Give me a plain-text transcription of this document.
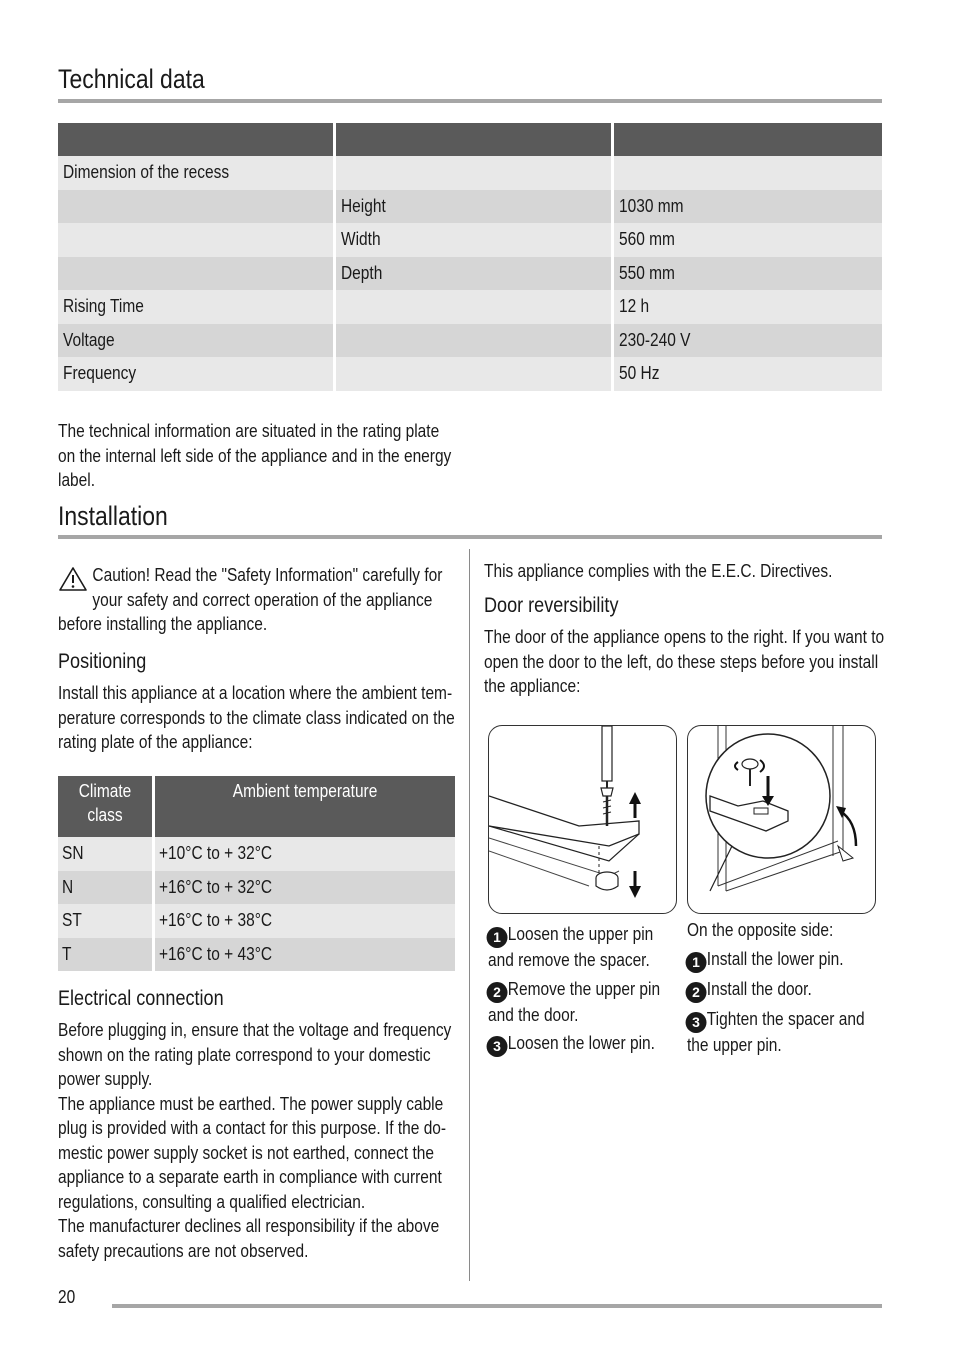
Technical data

Dimension of the recess		
	Height	1030 mm
	Width	560 mm
	Depth	550 mm
Rising Time		12 h
Voltage		230-240 V
Frequency		50 Hz
The technical information are situated in the rating plate
on the internal left side of the appliance and in the energy
label.
Installation
Caution! Read the "Safety Information" carefully for
your safety and correct operation of the appliance
before installing the appliance.
Positioning
Install this appliance at a location where the ambient tem-
perature corresponds to the climate class indicated on the
rating plate of the appliance:
Climate
class	Ambient temperature
SN	+10°C to + 32°C
N	+16°C to + 32°C
ST	+16°C to + 38°C
T	+16°C to + 43°C
Electrical connection
Before plugging in, ensure that the voltage and frequency
shown on the rating plate correspond to your domestic
power supply.
The appliance must be earthed. The power supply cable
plug is provided with a contact for this purpose. If the do-
mestic power supply socket is not earthed, connect the
appliance to a separate earth in compliance with current
regulations, consulting a qualified electrician.
The manufacturer declines all responsibility if the above
safety precautions are not observed.
This appliance complies with the E.E.C. Directives.
Door reversibility
The door of the appliance opens to the right. If you want to
open the door to the left, do these steps before you install
the appliance:
1 Loosen the upper pin
and remove the spacer.
2 Remove the upper pin
and the door.
3 Loosen the lower pin.
On the opposite side:
1 Install the lower pin.
2 Install the door.
3 Tighten the spacer and
the upper pin.
20
